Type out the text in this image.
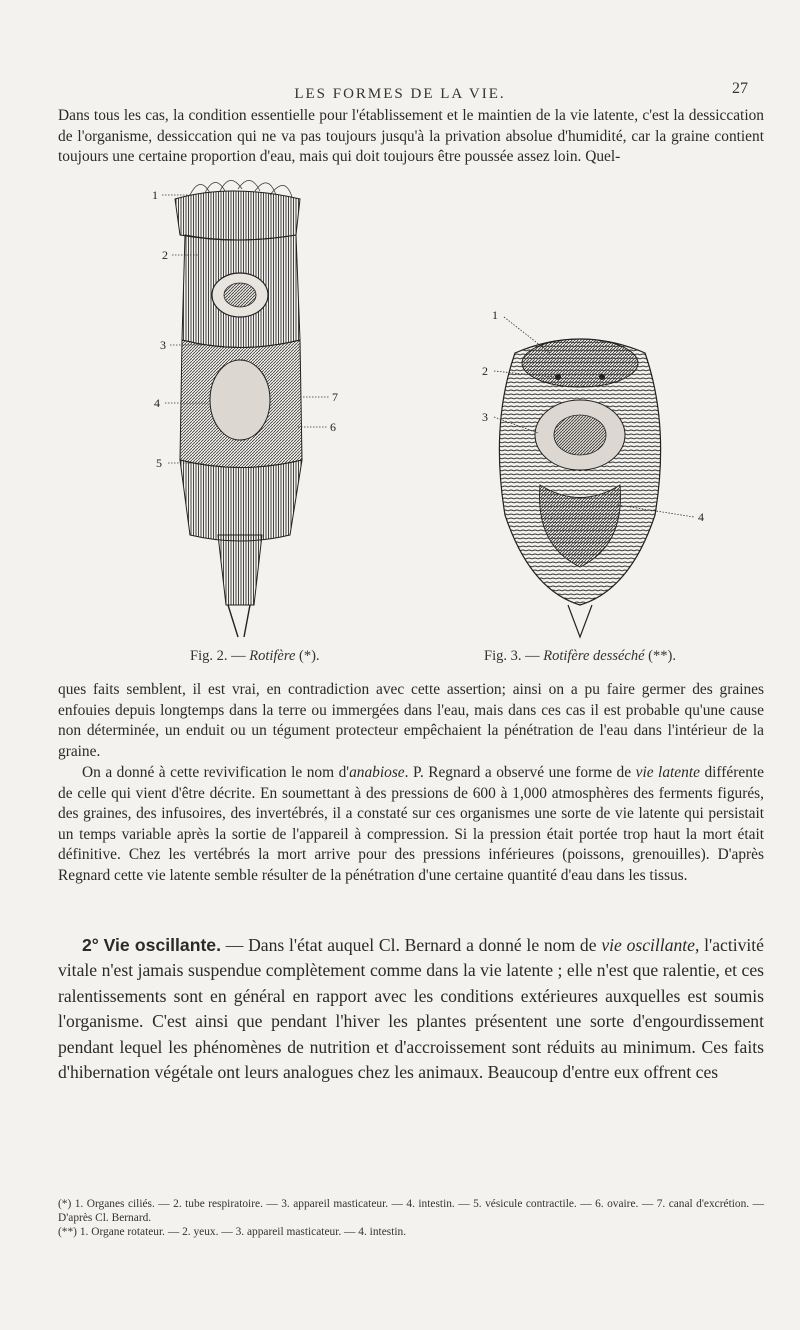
LES FORMES DE LA VIE.	27

Dans tous les cas, la condition essentielle pour l'établissement et le maintien de la vie latente, c'est la dessiccation de l'organisme, dessiccation qui ne va pas toujours jusqu'à la privation absolue d'humidité, car la graine contient toujours une certaine proportion d'eau, mais qui doit toujours être poussée assez loin. Quel-

1
2
3
4
5
7
6
Fig. 2. — Rotifère (*).
1
2
3
4
Fig. 3. — Rotifère desséché (**).

ques faits semblent, il est vrai, en contradiction avec cette assertion; ainsi on a pu faire germer des graines enfouies depuis longtemps dans la terre ou immergées dans l'eau, mais dans ces cas il est probable qu'une cause non déterminée, un enduit ou un tégument protecteur empêchaient la pénétration de l'eau dans l'intérieur de la graine.

On a donné à cette revivification le nom d'anabiose. P. Regnard a observé une forme de vie latente différente de celle qui vient d'être décrite. En soumettant à des pressions de 600 à 1,000 atmosphères des ferments figurés, des graines, des infusoires, des invertébrés, il a constaté sur ces organismes une sorte de vie latente qui persistait un temps variable après la sortie de l'appareil à compression. Si la pression était portée trop haut la mort était définitive. Chez les vertébrés la mort arrive pour des pressions inférieures (poissons, grenouilles). D'après Regnard cette vie latente semble résulter de la pénétration d'une certaine quantité d'eau dans les tissus.

2° Vie oscillante. — Dans l'état auquel Cl. Bernard a donné le nom de vie oscillante, l'activité vitale n'est jamais suspendue complètement comme dans la vie latente ; elle n'est que ralentie, et ces ralentissements sont en général en rapport avec les conditions extérieures auxquelles est soumis l'organisme. C'est ainsi que pendant l'hiver les plantes présentent une sorte d'engourdissement pendant lequel les phénomènes de nutrition et d'accroissement sont réduits au minimum. Ces faits d'hibernation végétale ont leurs analogues chez les animaux. Beaucoup d'entre eux offrent ces

(*) 1. Organes ciliés. — 2. tube respiratoire. — 3. appareil masticateur. — 4. intestin. — 5. vésicule contractile. — 6. ovaire. — 7. canal d'excrétion. — D'après Cl. Bernard.

(**) 1. Organe rotateur. — 2. yeux. — 3. appareil masticateur. — 4. intestin.
